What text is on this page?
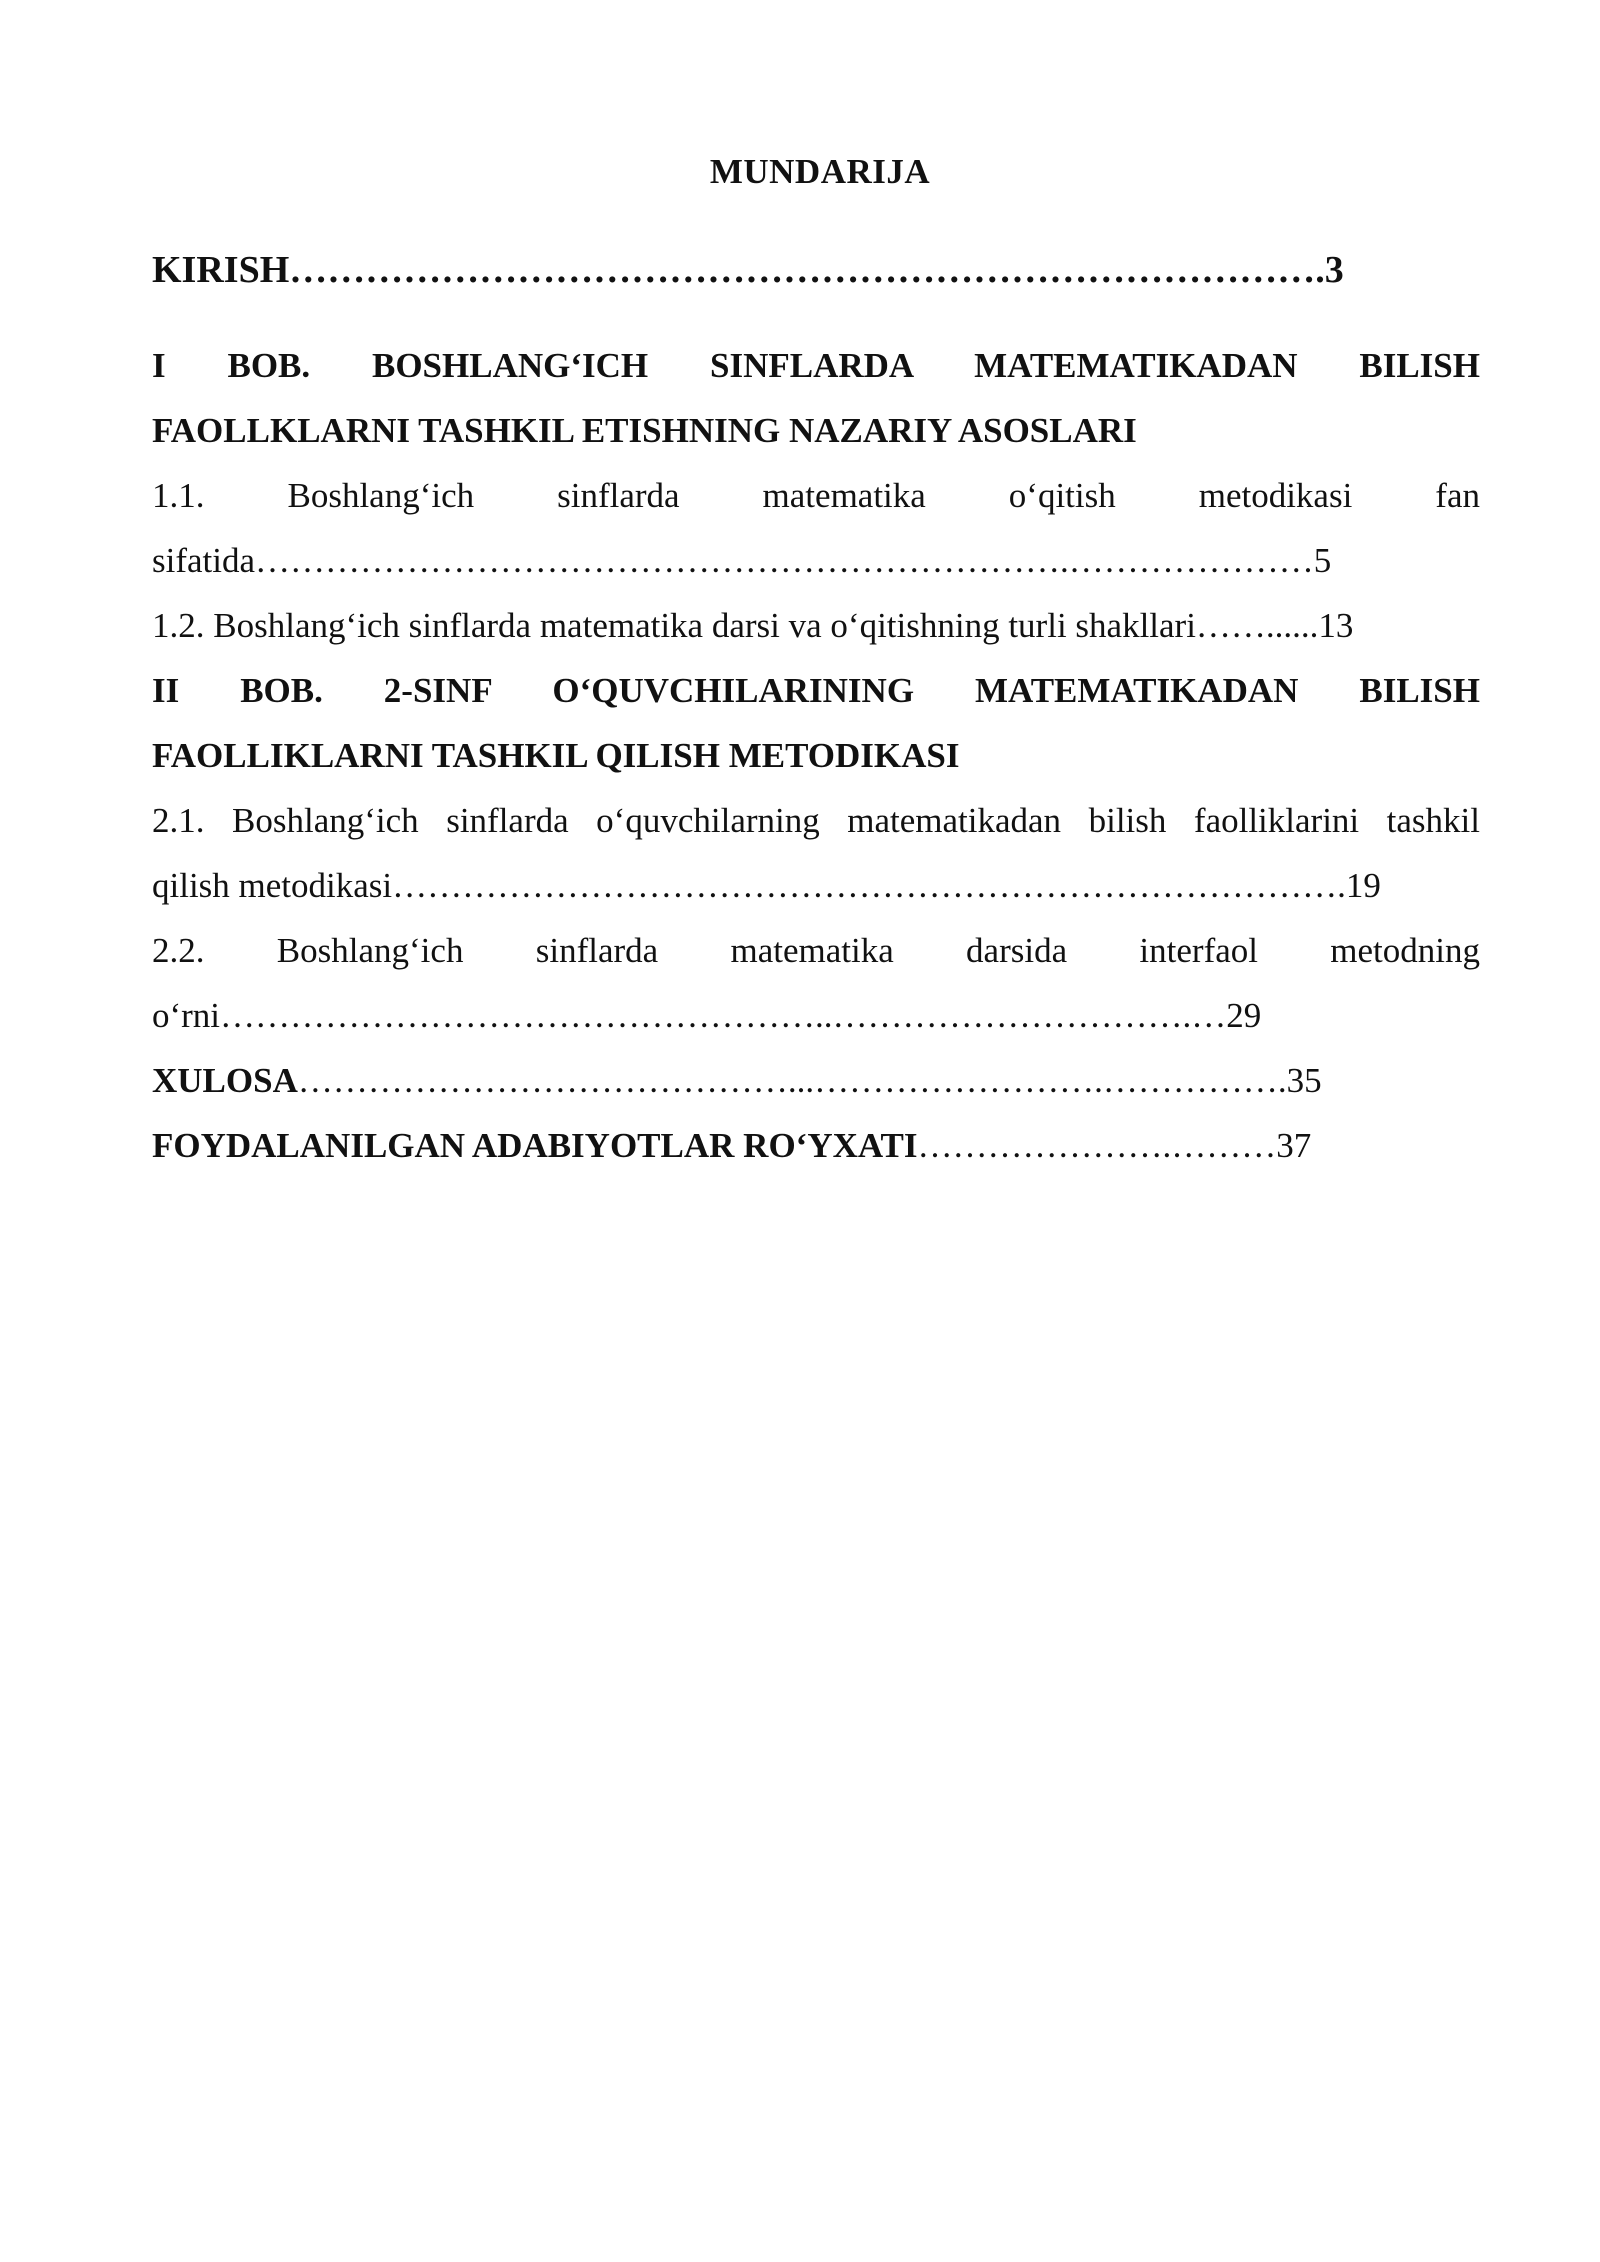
MUNDARIJA

KIRISH……………………………………………………………………….3

I BOB. BOSHLANG‘ICH SINFLARDA MATEMATIKADAN BILISH
FAOLLKLARNI TASHKIL ETISHNING NAZARIY ASOSLARI

1.1. Boshlang‘ich sinflarda matematika o‘qitish metodikasi fan
sifatida…………………………………………………………….…………………5

1.2. Boshlang‘ich sinflarda matematika darsi va o‘qitishning turli shakllari……......13

II BOB. 2-SINF O‘QUVCHILARINING MATEMATIKADAN BILISH
FAOLLIKLARNI TASHKIL QILISH METODIKASI

2.1. Boshlang‘ich sinflarda o‘quvchilarning matematikadan bilish faolliklarini tashkil
qilish metodikasi……………………………………………………………………….19

2.2. Boshlang‘ich sinflarda matematika darsida interfaol metodning
o‘rni……………………………………………..………………………….…29

XULOSA……………………………………...…………………….…………….35

FOYDALANILGAN ADABIYOTLAR RO‘YXATI………………….………37
